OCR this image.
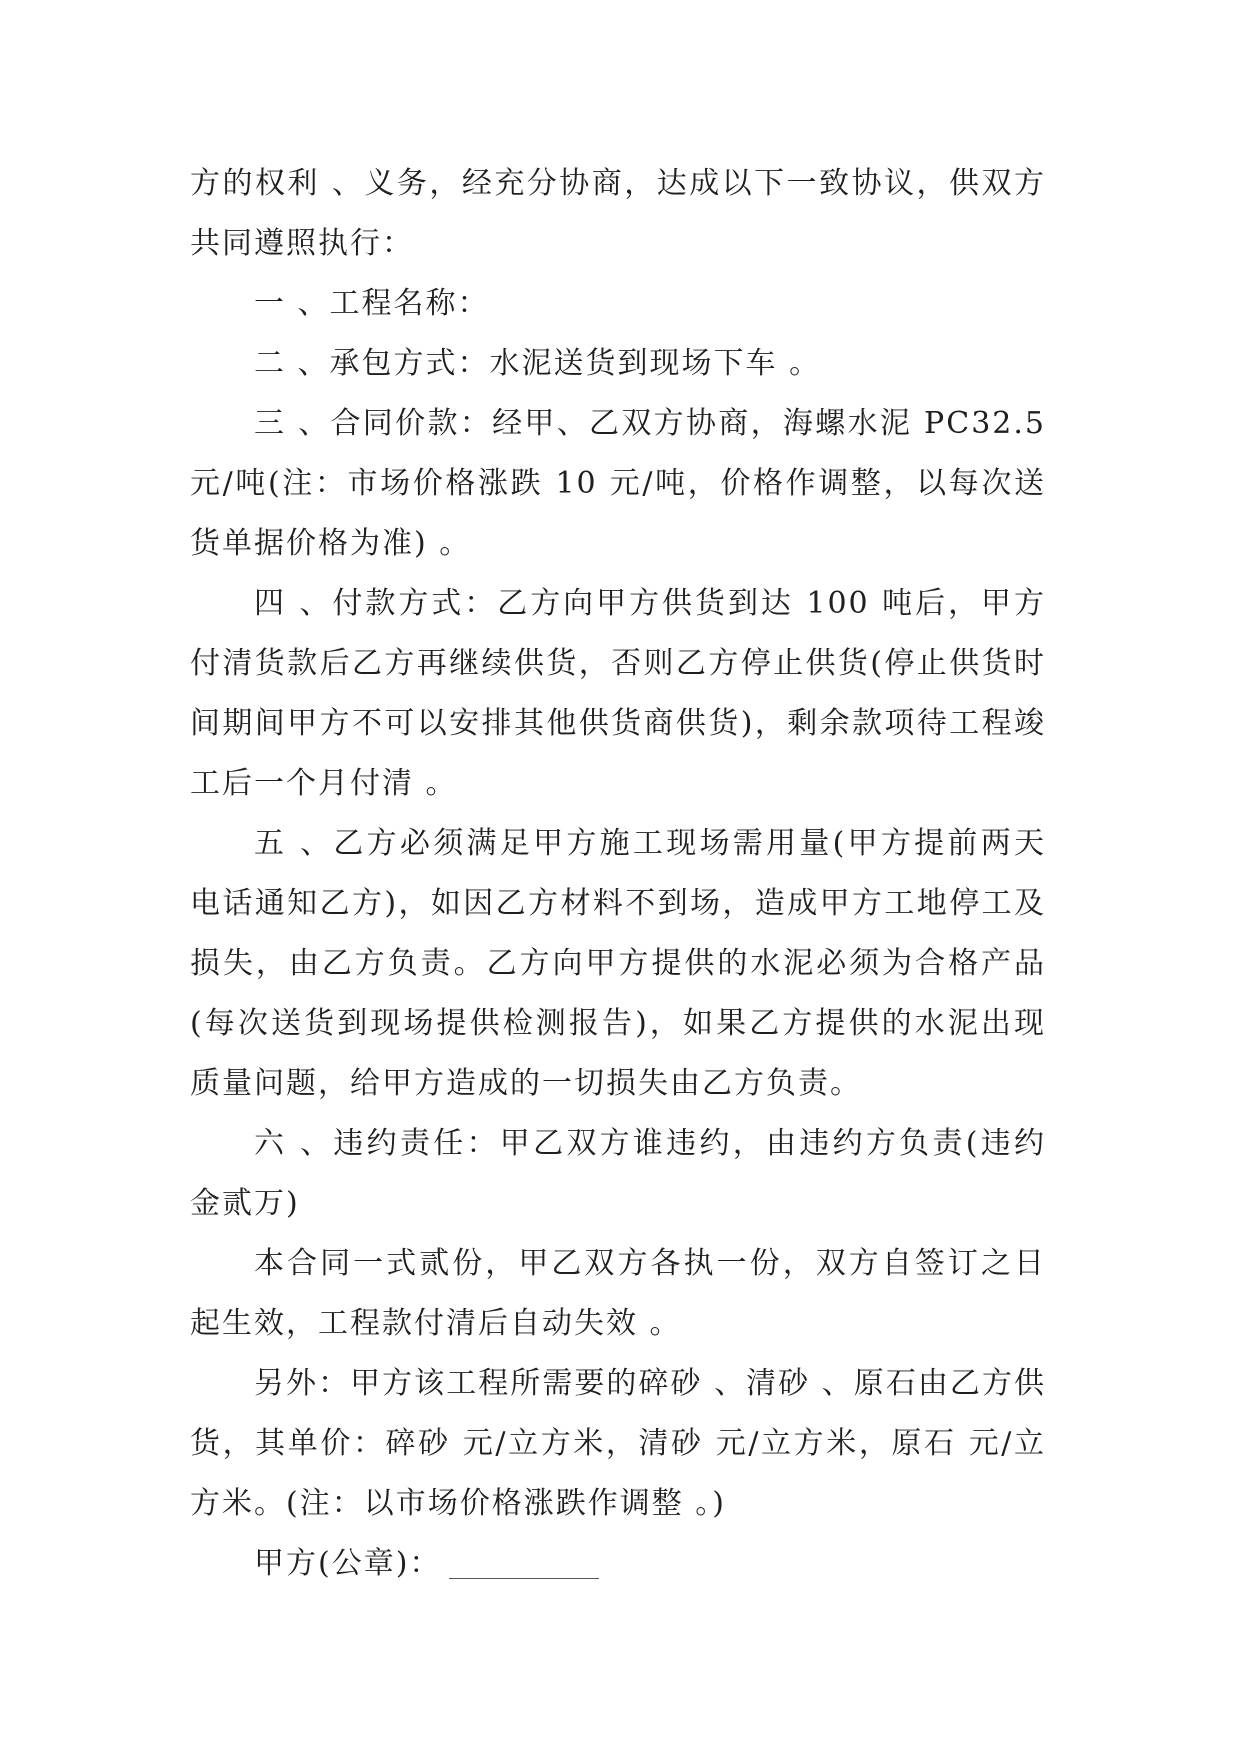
方的权利 、义务，经充分协商，达成以下一致协议，供双方共同遵照执行：

一 、工程名称：

二 、承包方式：水泥送货到现场下车 。

三 、合同价款：经甲、乙双方协商，海螺水泥 PC32.5 元/吨(注：市场价格涨跌 10 元/吨，价格作调整，以每次送货单据价格为准) 。

四 、付款方式：乙方向甲方供货到达 100 吨后，甲方付清货款后乙方再继续供货，否则乙方停止供货(停止供货时间期间甲方不可以安排其他供货商供货)，剩余款项待工程竣工后一个月付清 。

五 、乙方必须满足甲方施工现场需用量(甲方提前两天电话通知乙方)，如因乙方材料不到场，造成甲方工地停工及损失，由乙方负责。乙方向甲方提供的水泥必须为合格产品(每次送货到现场提供检测报告)，如果乙方提供的水泥出现质量问题，给甲方造成的一切损失由乙方负责。

六 、违约责任：甲乙双方谁违约，由违约方负责(违约金贰万)

本合同一式贰份，甲乙双方各执一份，双方自签订之日起生效，工程款付清后自动失效 。

另外：甲方该工程所需要的碎砂 、清砂 、原石由乙方供货，其单价：碎砂 元/立方米，清砂 元/立方米，原石 元/立方米。(注：以市场价格涨跌作调整 。)

甲方(公章)：
